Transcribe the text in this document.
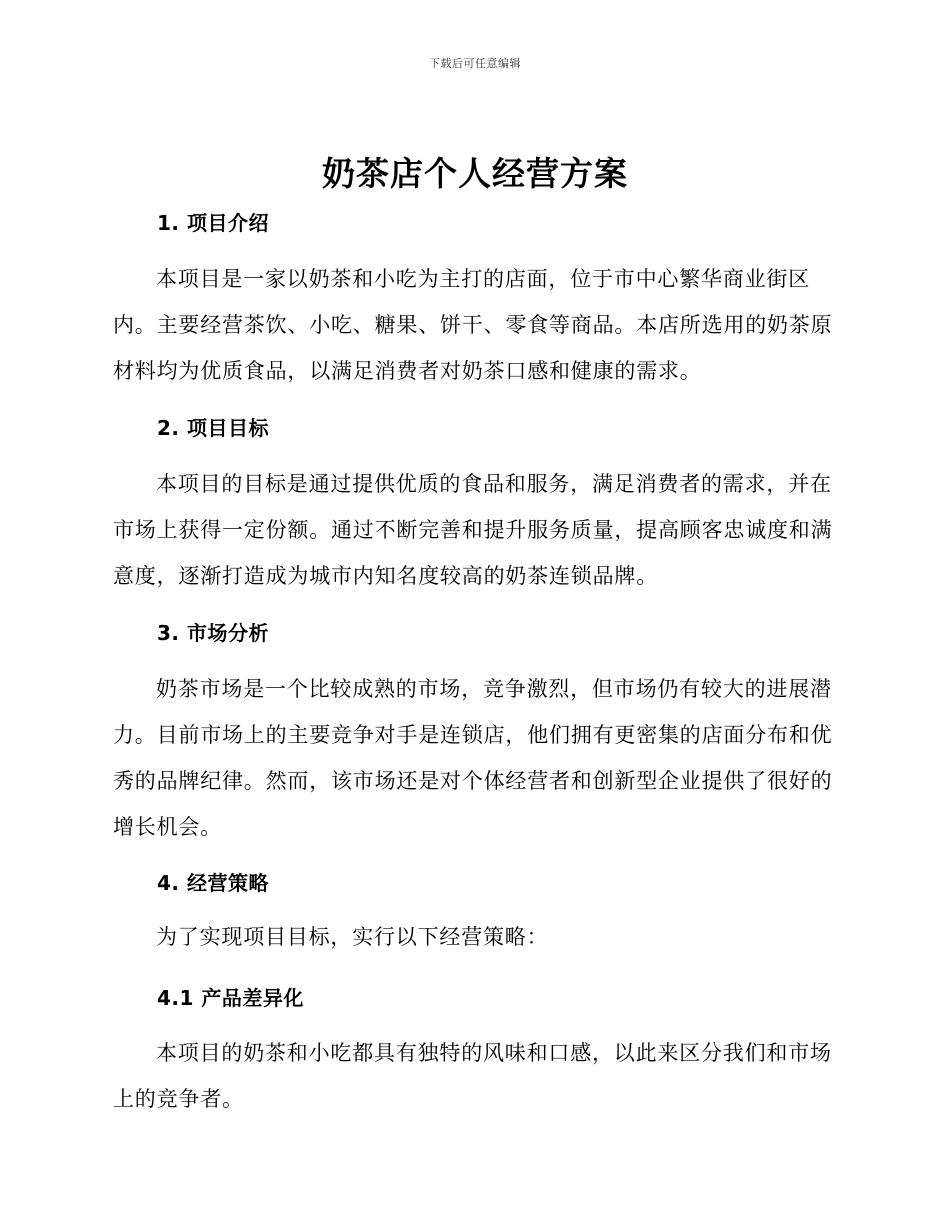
下载后可任意编辑
奶茶店个人经营方案
1. 项目介绍
本项目是一家以奶茶和小吃为主打的店面，位于市中心繁华商业街区内。主要经营茶饮、小吃、糖果、饼干、零食等商品。本店所选用的奶茶原材料均为优质食品，以满足消费者对奶茶口感和健康的需求。
2. 项目目标
本项目的目标是通过提供优质的食品和服务，满足消费者的需求，并在市场上获得一定份额。通过不断完善和提升服务质量，提高顾客忠诚度和满意度，逐渐打造成为城市内知名度较高的奶茶连锁品牌。
3. 市场分析
奶茶市场是一个比较成熟的市场，竞争激烈，但市场仍有较大的进展潜力。目前市场上的主要竞争对手是连锁店，他们拥有更密集的店面分布和优秀的品牌纪律。然而，该市场还是对个体经营者和创新型企业提供了很好的增长机会。
4. 经营策略
为了实现项目目标，实行以下经营策略：
4.1 产品差异化
本项目的奶茶和小吃都具有独特的风味和口感，以此来区分我们和市场上的竞争者。
